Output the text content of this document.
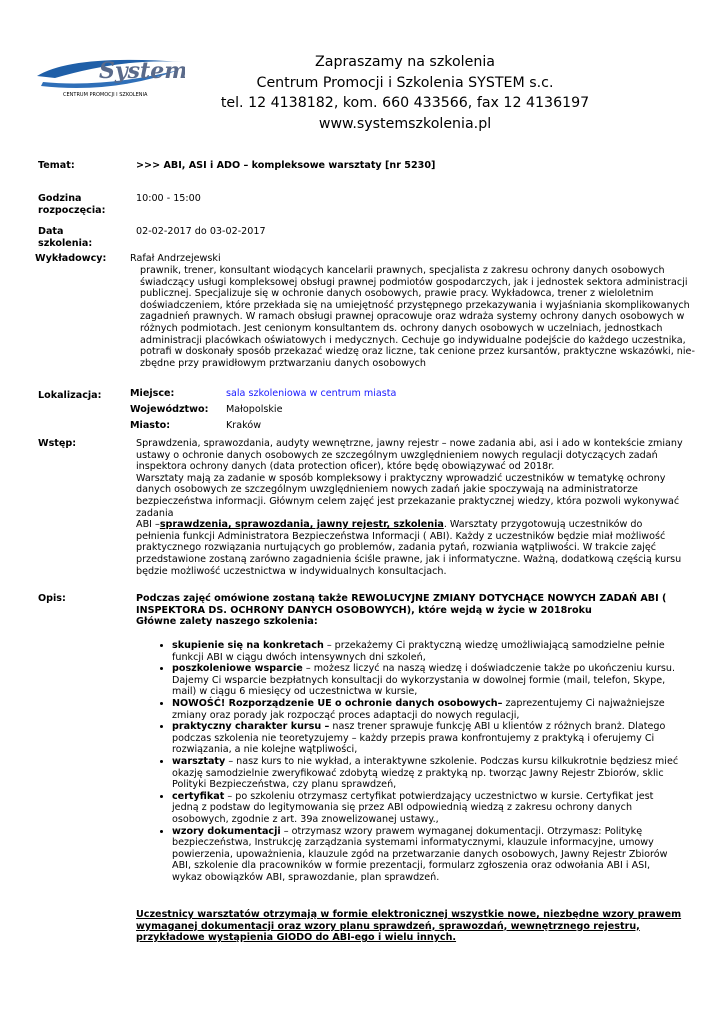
System
CENTRUM PROMOCJI I SZKOLENIA
Zapraszamy na szkolenia
Centrum Promocji i Szkolenia SYSTEM s.c.
tel. 12 4138182, kom. 660 433566, fax 12 4136197
www.systemszkolenia.pl
Temat:	>>> ABI, ASI i ADO – kompleksowe warsztaty [nr 5230]
Godzina
rozpoczęcia:
10:00 - 15:00
Data
szkolenia:
02-02-2017 do 03-02-2017
Wykładowcy: Rafał Andrzejewski
prawnik, trener, konsultant wiodących kancelarii prawnych, specjalista z zakresu ochrony danych osobowych
świadczący usługi kompleksowej obsługi prawnej podmiotów gospodarczych, jak i jednostek sektora administracji
publicznej. Specjalizuje się w ochronie danych osobowych, prawie pracy. Wykładowca, trener z wieloletnim
doświadczeniem, które przekłada się na umiejętność przystępnego przekazywania i wyjaśniania skomplikowanych
zagadnień prawnych. W ramach obsługi prawnej opracowuje oraz wdraża systemy ochrony danych osobowych w
różnych podmiotach. Jest cenionym konsultantem ds. ochrony danych osobowych w uczelniach, jednostkach
administracji placówkach oświatowych i medycznych. Cechuje go indywidualne podejście do każdego uczestnika,
potrafi w doskonały sposób przekazać wiedzę oraz liczne, tak cenione przez kursantów, praktyczne wskazówki, nie-
zbędne przy prawidłowym prztwarzaniu danych osobowych
Lokalizacja:	Miejsce:	sala szkoleniowa w centrum miasta
Województwo: Małopolskie
Miasto:	Kraków
Wstęp:	Sprawdzenia, sprawozdania, audyty wewnętrzne, jawny rejestr – nowe zadania abi, asi i ado w kontekście zmiany
ustawy o ochronie danych osobowych ze szczególnym uwzględnieniem nowych regulacji dotyczących zadań
inspektora ochrony danych (data protection oficer), które będę obowiązywać od 2018r.
Warsztaty mają za zadanie w sposób kompleksowy i praktyczny wprowadzić uczestników w tematykę ochrony
danych osobowych ze szczególnym uwzględnieniem nowych zadań jakie spoczywają na administratorze
bezpieczeństwa informacji. Głównym celem zajęć jest przekazanie praktycznej wiedzy, która pozwoli wykonywać
zadania
ABI –sprawdzenia, sprawozdania, jawny rejestr, szkolenia. Warsztaty przygotowują uczestników do
pełnienia funkcji Administratora Bezpieczeństwa Informacji ( ABI). Każdy z uczestników będzie miał możliwość
praktycznego rozwiązania nurtujących go problemów, zadania pytań, rozwiania wątpliwości. W trakcie zajęć
przedstawione zostaną zarówno zagadnienia ściśle prawne, jak i informatyczne. Ważną, dodatkową częścią kursu
będzie możliwość uczestnictwa w indywidualnych konsultacjach.
Opis:	Podczas zajęć omówione zostaną także REWOLUCYJNE ZMIANY DOTYCHĄCE NOWYCH ZADAŃ ABI (
INSPEKTORA DS. OCHRONY DANYCH OSOBOWYCH), które wejdą w życie w 2018roku
Główne zalety naszego szkolenia:
• skupienie się na konkretach – przekażemy Ci praktyczną wiedzę umożliwiającą samodzielne pełnie
funkcji ABI w ciągu dwóch intensywnych dni szkoleń,
• poszkoleniowe wsparcie – możesz liczyć na naszą wiedzę i doświadczenie także po ukończeniu kursu.
Dajemy Ci wsparcie bezpłatnych konsultacji do wykorzystania w dowolnej formie (mail, telefon, Skype,
mail) w ciągu 6 miesięcy od uczestnictwa w kursie,
• NOWOŚĆ! Rozporządzenie UE o ochronie danych osobowych– zaprezentujemy Ci najważniejsze
zmiany oraz porady jak rozpocząć proces adaptacji do nowych regulacji,
• praktyczny charakter kursu – nasz trener sprawuje funkcję ABI u klientów z różnych branż. Dlatego
podczas szkolenia nie teoretyzujemy – każdy przepis prawa konfrontujemy z praktyką i oferujemy Ci
rozwiązania, a nie kolejne wątpliwości,
• warsztaty – nasz kurs to nie wykład, a interaktywne szkolenie. Podczas kursu kilkukrotnie będziesz mieć
okazję samodzielnie zweryfikować zdobytą wiedzę z praktyką np. tworząc Jawny Rejestr Zbiorów, sklic
Polityki Bezpieczeństwa, czy planu sprawdzeń,
• certyfikat – po szkoleniu otrzymasz certyfikat potwierdzający uczestnictwo w kursie. Certyfikat jest
jedną z podstaw do legitymowania się przez ABI odpowiednią wiedzą z zakresu ochrony danych
osobowych, zgodnie z art. 39a znowelizowanej ustawy.,
• wzory dokumentacji – otrzymasz wzory prawem wymaganej dokumentacji. Otrzymasz: Politykę
bezpieczeństwa, Instrukcję zarządzania systemami informatycznymi, klauzule informacyjne, umowy
powierzenia, upoważnienia, klauzule zgód na przetwarzanie danych osobowych, Jawny Rejestr Zbiorów
ABI, szkolenie dla pracowników w formie prezentacji, formularz zgłoszenia oraz odwołania ABI i ASI,
wykaz obowiązków ABI, sprawozdanie, plan sprawdzeń.
Uczestnicy warsztatów otrzymają w formie elektronicznej wszystkie nowe, niezbędne wzory prawem
wymaganej dokumentacji oraz wzory planu sprawdzeń, sprawozdań, wewnętrznego rejestru,
przykładowe wystąpienia GIODO do ABI-ego i wielu innych.
